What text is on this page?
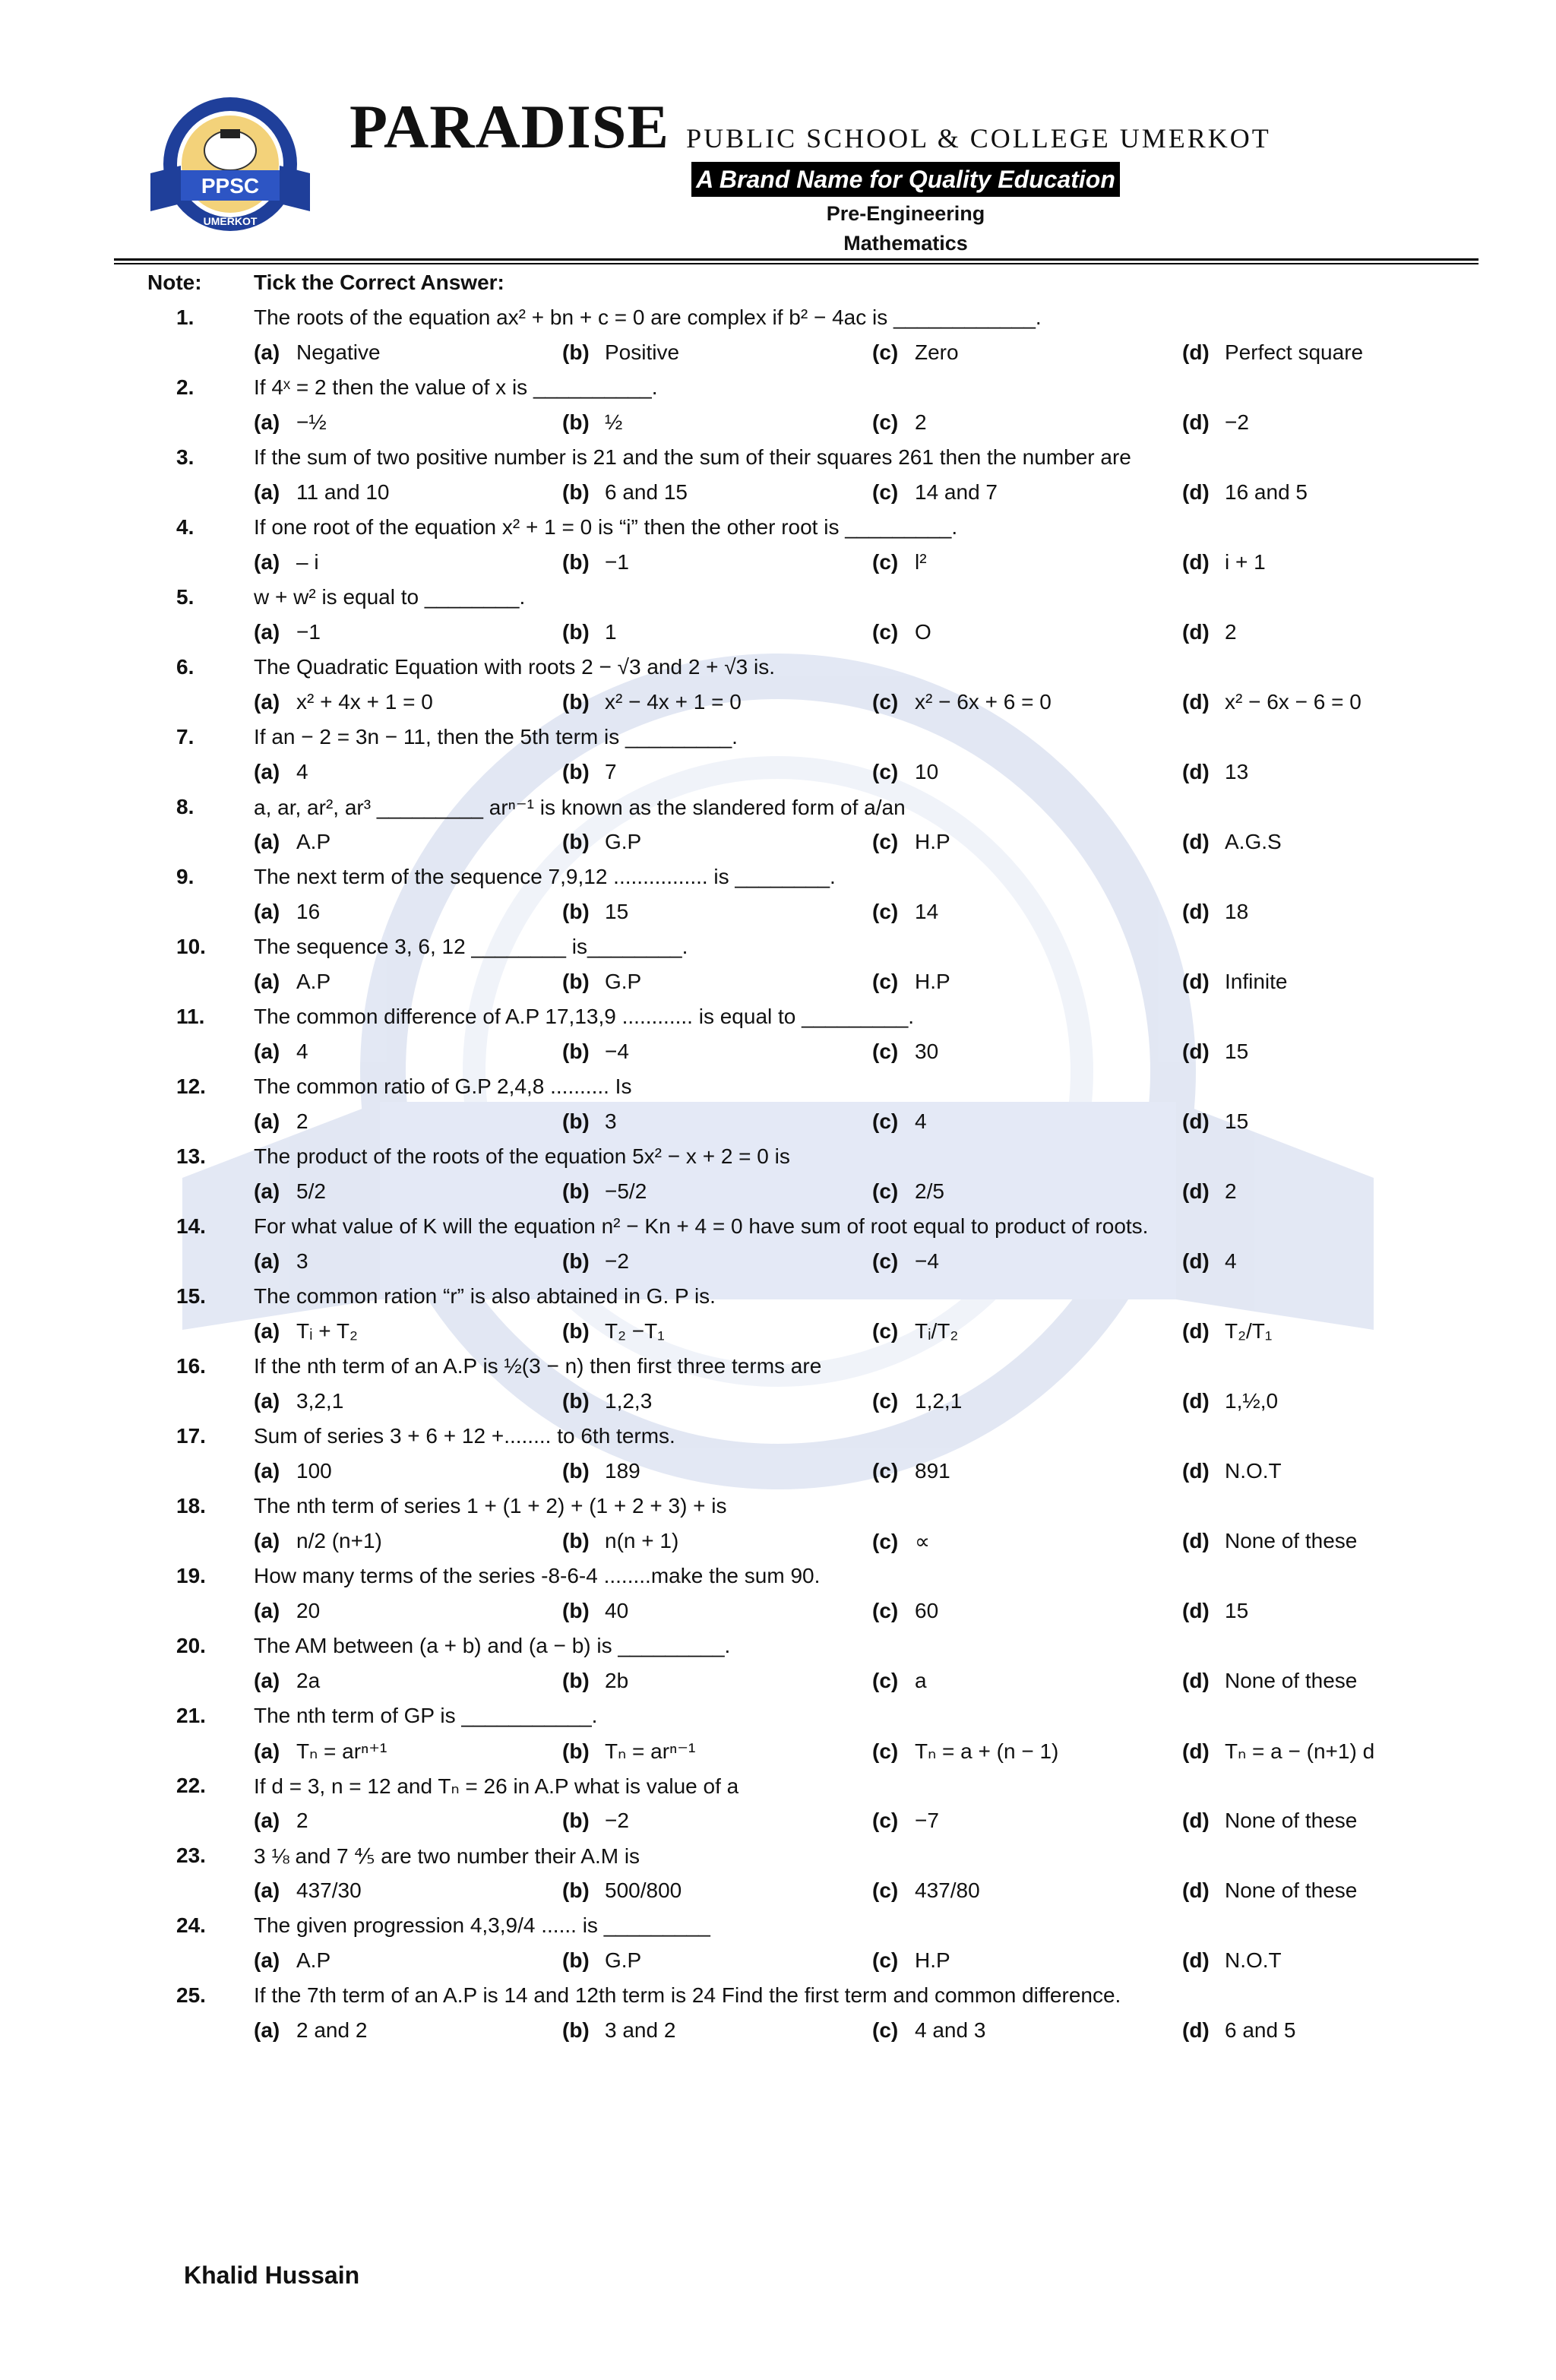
PPSC
UMERKOT
PARADISE PUBLIC SCHOOL & COLLEGE UMERKOT
A Brand Name for Quality Education
Pre-Engineering
Mathematics
Note: Tick the Correct Answer:
1.	The roots of the equation ax² + bn + c = 0 are complex if b² − 4ac is ____________.
(a) Negative	(b) Positive	(c) Zero	(d) Perfect square
2.	If 4ˣ = 2 then the value of x is __________.
(a) −½	(b) ½	(c) 2	(d) −2
3.	If the sum of two positive number is 21 and the sum of their squares 261 then the number are
(a) 11 and 10	(b) 6 and 15	(c) 14 and 7	(d) 16 and 5
4.	If one root of the equation x² + 1 = 0 is “i” then the other root is _________.
(a) – i	(b) −1	(c) l²	(d) i + 1
5.	w + w² is equal to ________.
(a) −1	(b) 1	(c) O	(d) 2
6.	The Quadratic Equation with roots 2 − √3 and 2 + √3 is.
(a) x² + 4x + 1 = 0	(b) x² − 4x + 1 = 0	(c) x² − 6x + 6 = 0	(d) x² − 6x − 6 = 0
7.	If an − 2 = 3n − 11, then the 5th term is _________.
(a) 4	(b) 7	(c) 10	(d) 13
8.	a, ar, ar², ar³ _________ arⁿ⁻¹ is known as the slandered form of a/an
(a) A.P	(b) G.P	(c) H.P	(d) A.G.S
9.	The next term of the sequence 7,9,12 ................ is ________.
(a) 16	(b) 15	(c) 14	(d) 18
10. The sequence 3, 6, 12 ________ is________.
(a) A.P	(b) G.P	(c) H.P	(d) Infinite
11. The common difference of A.P 17,13,9 ............ is equal to _________.
(a) 4	(b) −4	(c) 30	(d) 15
12. The common ratio of G.P 2,4,8 .......... Is
(a) 2	(b) 3	(c) 4	(d) 15
13. The product of the roots of the equation 5x² − x + 2 = 0 is
(a) 5/2	(b) −5/2	(c) 2/5	(d) 2
14. For what value of K will the equation n² − Kn + 4 = 0 have sum of root equal to product of roots.
(a) 3	(b) −2	(c) −4	(d) 4
15. The common ration “r” is also abtained in G. P is.
(a) Tᵢ + T₂	(b) T₂ −T₁	(c) Tᵢ/T₂	(d) T₂/T₁
16. If the nth term of an A.P is ½(3 − n) then first three terms are
(a) 3,2,1	(b) 1,2,3	(c) 1,2,1	(d) 1,½,0
17. Sum of series 3 + 6 + 12 +........ to 6th terms.
(a) 100	(b) 189	(c) 891	(d) N.O.T
18. The nth term of series 1 + (1 + 2) + (1 + 2 + 3) + is
(a) n/2 (n+1)	(b) n(n + 1)	(c) ∝	(d) None of these
19. How many terms of the series -8-6-4 ........make the sum 90.
(a) 20	(b) 40	(c) 60	(d) 15
20. The AM between (a + b) and (a − b) is _________.
(a) 2a	(b) 2b	(c) a	(d) None of these
21. The nth term of GP is ___________.
(a) Tₙ = arⁿ⁺¹	(b) Tₙ = arⁿ⁻¹	(c) Tₙ = a + (n − 1)	(d) Tₙ = a − (n+1) d
22. If d = 3, n = 12 and Tₙ = 26 in A.P what is value of a
(a) 2	(b) −2	(c) −7	(d) None of these
23. 3 ⅛ and 7 ⅘ are two number their A.M is
(a) 437/30	(b) 500/800	(c) 437/80	(d) None of these
24. The given progression 4,3,9/4 ...... is _________
(a) A.P	(b) G.P	(c) H.P	(d) N.O.T
25. If the 7th term of an A.P is 14 and 12th term is 24 Find the first term and common difference.
(a) 2 and 2	(b) 3 and 2	(c) 4 and 3	(d) 6 and 5
Khalid Hussain
